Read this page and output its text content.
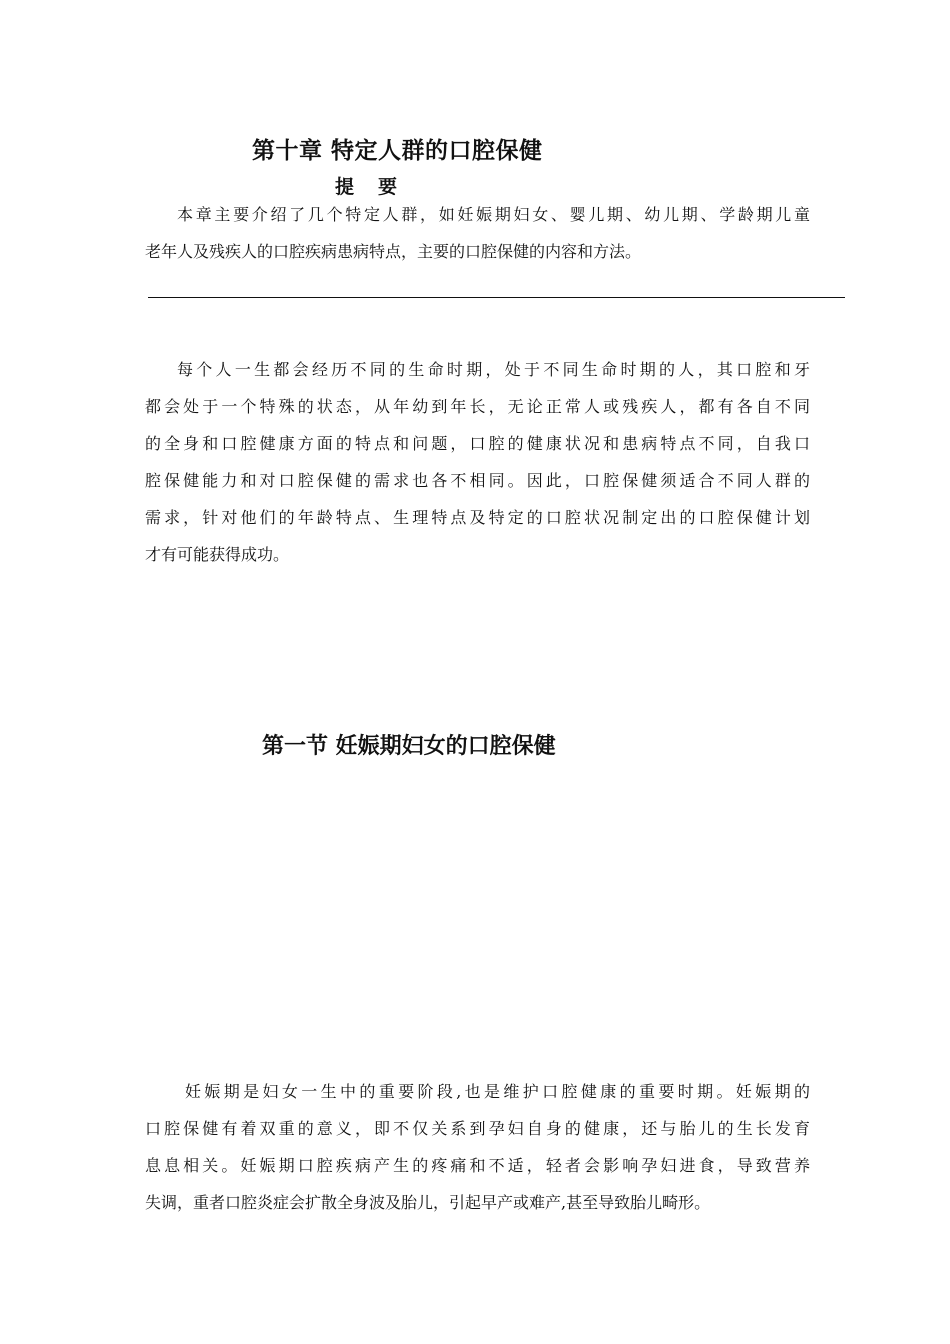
第十章 特定人群的口腔保健
提要
本章主要介绍了几个特定人群，如妊娠期妇女、婴儿期、幼儿期、学龄期儿童
老年人及残疾人的口腔疾病患病特点，主要的口腔保健的内容和方法。
每个人一生都会经历不同的生命时期，处于不同生命时期的人，其口腔和牙
都会处于一个特殊的状态，从年幼到年长，无论正常人或残疾人，都有各自不同
的全身和口腔健康方面的特点和问题，口腔的健康状况和患病特点不同，自我口
腔保健能力和对口腔保健的需求也各不相同。因此，口腔保健须适合不同人群的
需求，针对他们的年龄特点、生理特点及特定的口腔状况制定出的口腔保健计划
才有可能获得成功。
第一节 妊娠期妇女的口腔保健
妊娠期是妇女一生中的重要阶段,也是维护口腔健康的重要时期。妊娠期的
口腔保健有着双重的意义，即不仅关系到孕妇自身的健康，还与胎儿的生长发育
息息相关。妊娠期口腔疾病产生的疼痛和不适，轻者会影响孕妇进食，导致营养
失调，重者口腔炎症会扩散全身波及胎儿，引起早产或难产,甚至导致胎儿畸形。
